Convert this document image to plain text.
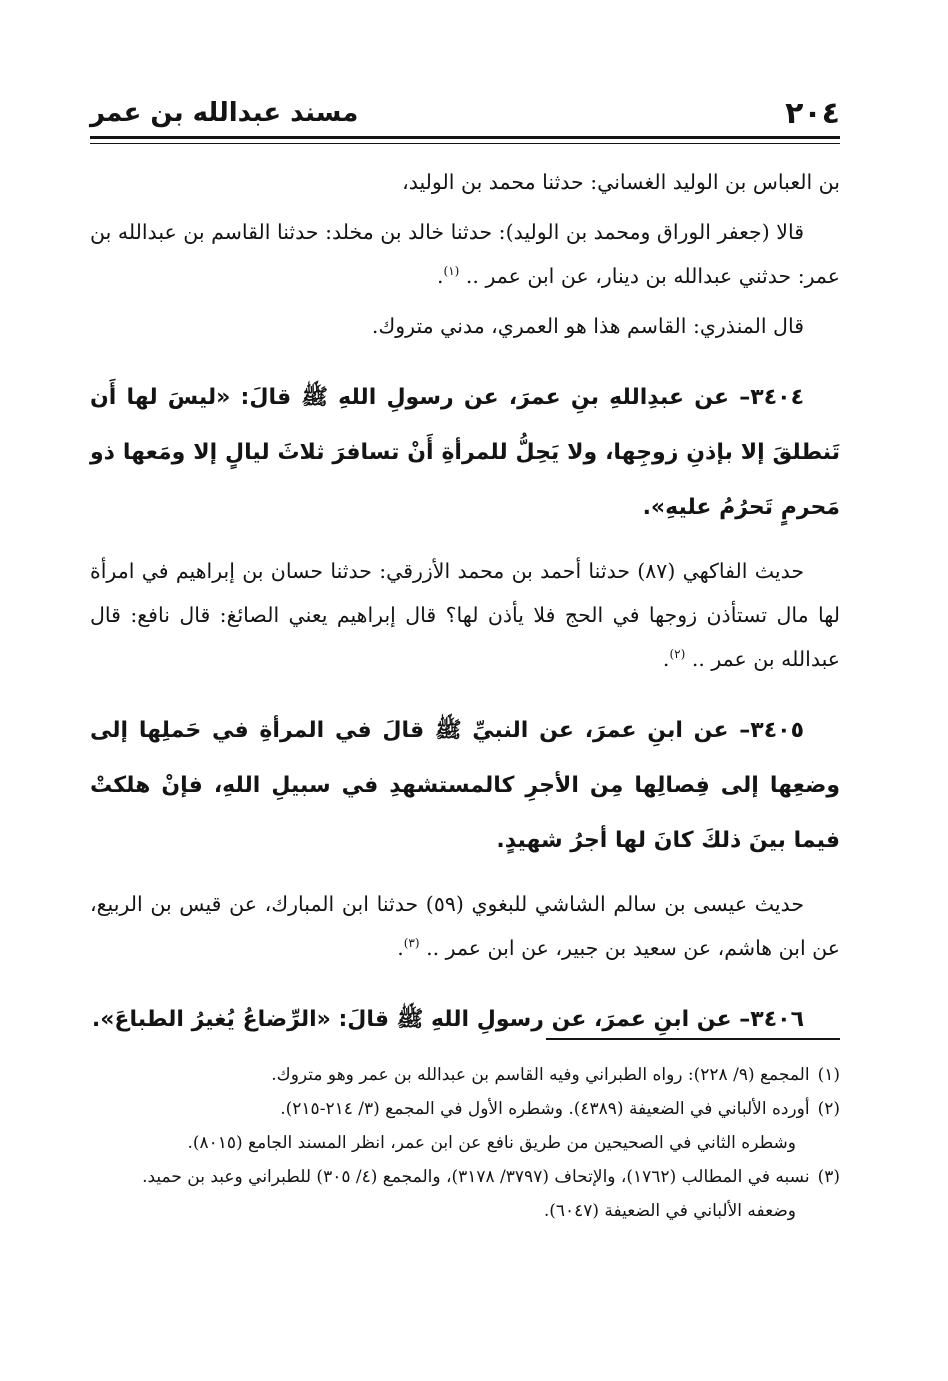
٢٠٤
مسند عبدالله بن عمر

بن العباس بن الوليد الغساني: حدثنا محمد بن الوليد،

قالا (جعفر الوراق ومحمد بن الوليد): حدثنا خالد بن مخلد: حدثنا القاسم بن عبدالله بن عمر: حدثني عبدالله بن دينار، عن ابن عمر .. $^{(١)}$.

قال المنذري: القاسم هذا هو العمري، مدني متروك.

٣٤٠٤– عن عبدِاللهِ بنِ عمرَ، عن رسولِ اللهِ ﷺ قالَ: «ليسَ لها أَن تَنطلقَ إلا بإذنِ زوجِها، ولا يَحِلُّ للمرأةِ أَنْ تسافرَ ثلاثَ ليالٍ إلا ومَعها ذو مَحرمٍ تَحرُمُ عليهِ».

حديث الفاكهي (٨٧) حدثنا أحمد بن محمد الأزرقي: حدثنا حسان بن إبراهيم في امرأة لها مال تستأذن زوجها في الحج فلا يأذن لها؟ قال إبراهيم يعني الصائغ: قال نافع: قال عبدالله بن عمر .. $^{(٢)}$.

٣٤٠٥– عن ابنِ عمرَ، عن النبيِّ ﷺ قالَ في المرأةِ في حَملِها إلى وضعِها إلى فِصالِها مِن الأجرِ كالمستشهدِ في سبيلِ اللهِ، فإنْ هلكتْ فيما بينَ ذلكَ كانَ لها أجرُ شهيدٍ.

حديث عيسى بن سالم الشاشي للبغوي (٥٩) حدثنا ابن المبارك، عن قيس بن الربيع، عن ابن هاشم، عن سعيد بن جبير، عن ابن عمر .. $^{(٣)}$.

٣٤٠٦– عن ابنِ عمرَ، عن رسولِ اللهِ ﷺ قالَ: «الرِّضاعُ يُغيرُ الطباعَ».

(١)
المجمع (٩/ ٢٢٨): رواه الطبراني وفيه القاسم بن عبدالله بن عمر وهو متروك.
(٢)
أورده الألباني في الضعيفة (٤٣٨٩). وشطره الأول في المجمع (٣/ ٢١٤-٢١٥).
وشطره الثاني في الصحيحين من طريق نافع عن ابن عمر، انظر المسند الجامع (٨٠١٥).
(٣)
نسبه في المطالب (١٧٦٢)، والإتحاف (٣٧٩٧/ ٣١٧٨)، والمجمع (٤/ ٣٠٥) للطبراني وعبد بن حميد.
وضعفه الألباني في الضعيفة (٦٠٤٧).
